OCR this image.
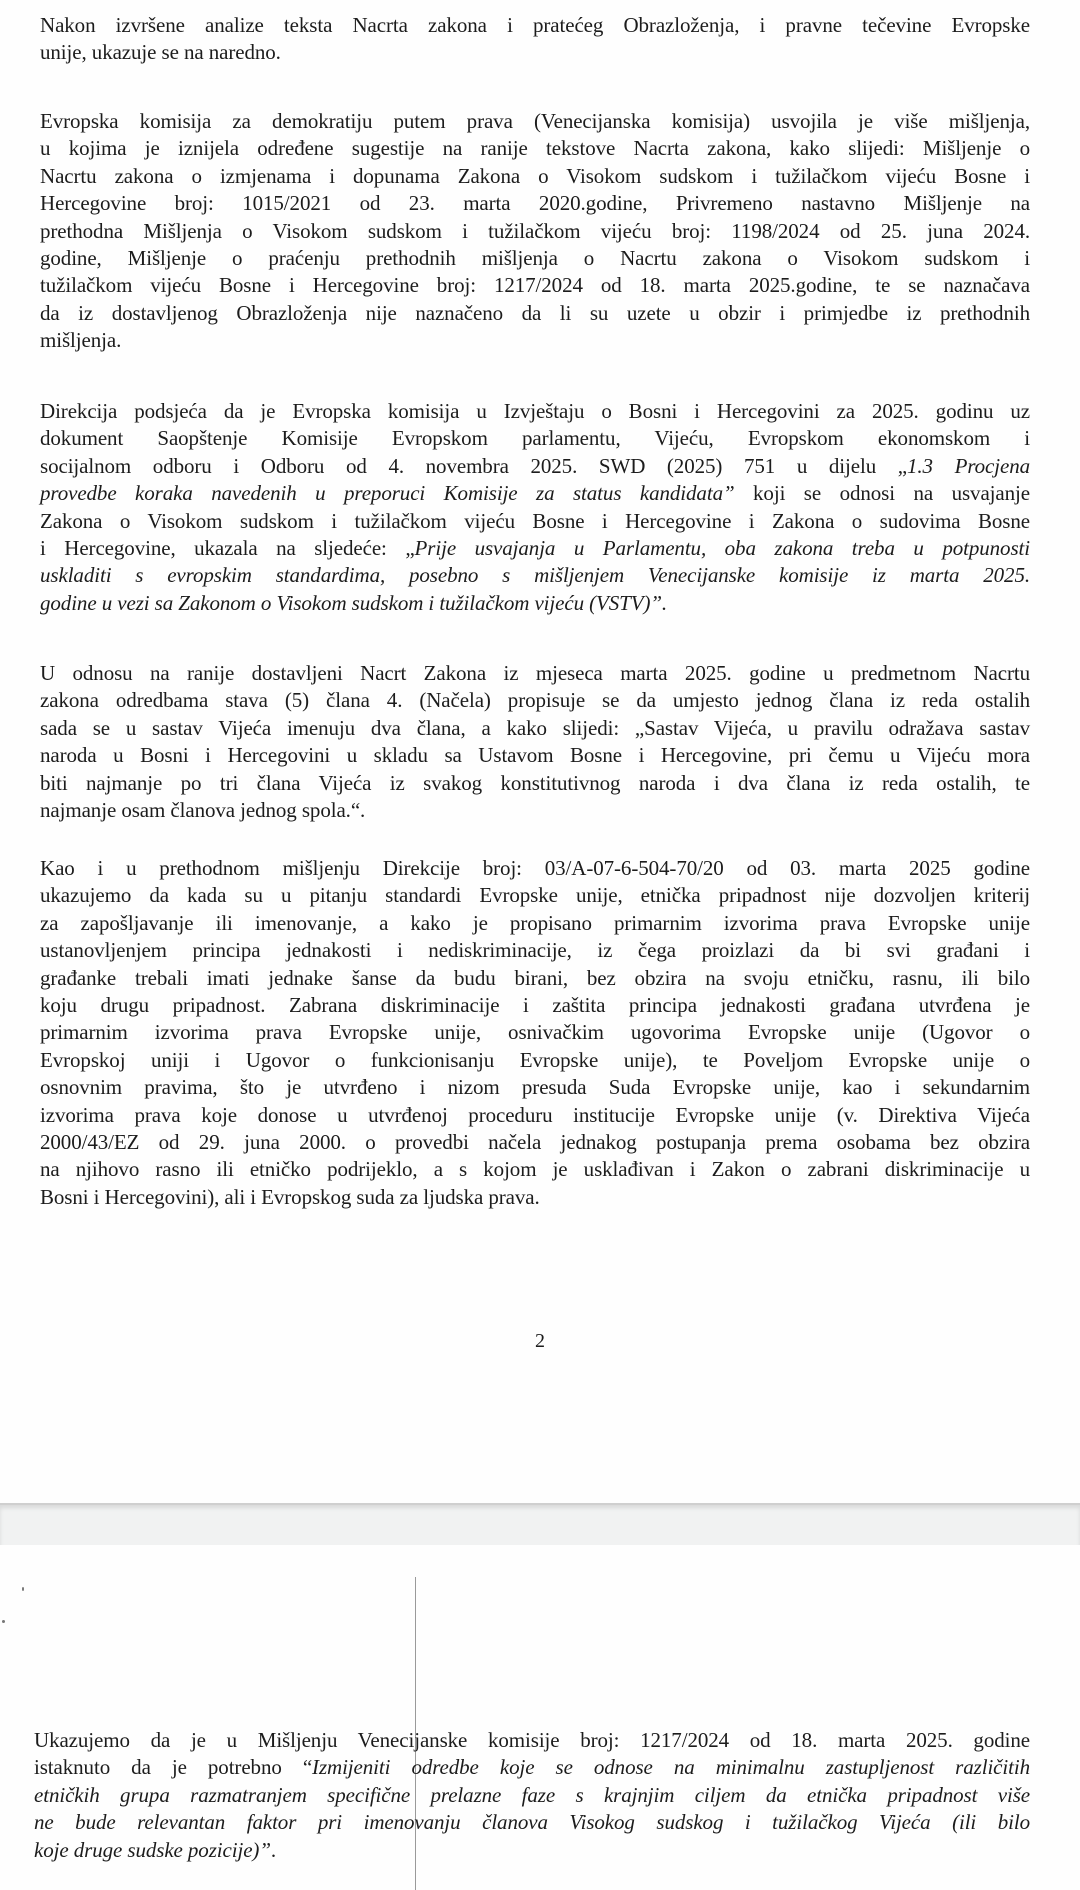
Nakon izvršene analize teksta Nacrta zakona i pratećeg Obrazloženja, i pravne tečevine Evropske
unije, ukazuje se na naredno.

Evropska komisija za demokratiju putem prava (Venecijanska komisija) usvojila je više mišljenja,
u kojima je iznijela određene sugestije na ranije tekstove Nacrta zakona, kako slijedi: Mišljenje o
Nacrtu zakona o izmjenama i dopunama Zakona o Visokom sudskom i tužilačkom vijeću Bosne i
Hercegovine broj: 1015/2021 od 23. marta 2020.godine, Privremeno nastavno Mišljenje na
prethodna Mišljenja o Visokom sudskom i tužilačkom vijeću broj: 1198/2024 od 25. juna 2024.
godine, Mišljenje o praćenju prethodnih mišljenja o Nacrtu zakona o Visokom sudskom i
tužilačkom vijeću Bosne i Hercegovine broj: 1217/2024 od 18. marta 2025.godine, te se naznačava
da iz dostavljenog Obrazloženja nije naznačeno da li su uzete u obzir i primjedbe iz prethodnih
mišljenja.

Direkcija podsjeća da je Evropska komisija u Izvještaju o Bosni i Hercegovini za 2025. godinu uz
dokument Saopštenje Komisije Evropskom parlamentu, Vijeću, Evropskom ekonomskom i
socijalnom odboru i Odboru od 4. novembra 2025. SWD (2025) 751 u dijelu „1.3 Procjena
provedbe koraka navedenih u preporuci Komisije za status kandidata” koji se odnosi na usvajanje
Zakona o Visokom sudskom i tužilačkom vijeću Bosne i Hercegovine i Zakona o sudovima Bosne
i Hercegovine, ukazala na sljedeće: „Prije usvajanja u Parlamentu, oba zakona treba u potpunosti
uskladiti s evropskim standardima, posebno s mišljenjem Venecijanske komisije iz marta 2025.
godine u vezi sa Zakonom o Visokom sudskom i tužilačkom vijeću (VSTV)”.

U odnosu na ranije dostavljeni Nacrt Zakona iz mjeseca marta 2025. godine u predmetnom Nacrtu
zakona odredbama stava (5) člana 4. (Načela) propisuje se da umjesto jednog člana iz reda ostalih
sada se u sastav Vijeća imenuju dva člana, a kako slijedi: „Sastav Vijeća, u pravilu odražava sastav
naroda u Bosni i Hercegovini u skladu sa Ustavom Bosne i Hercegovine, pri čemu u Vijeću mora
biti najmanje po tri člana Vijeća iz svakog konstitutivnog naroda i dva člana iz reda ostalih, te
najmanje osam članova jednog spola.“.

Kao i u prethodnom mišljenju Direkcije broj: 03/A-07-6-504-70/20 od 03. marta 2025 godine
ukazujemo da kada su u pitanju standardi Evropske unije, etnička pripadnost nije dozvoljen kriterij
za zapošljavanje ili imenovanje, a kako je propisano primarnim izvorima prava Evropske unije
ustanovljenjem principa jednakosti i nediskriminacije, iz čega proizlazi da bi svi građani i
građanke trebali imati jednake šanse da budu birani, bez obzira na svoju etničku, rasnu, ili bilo
koju drugu pripadnost. Zabrana diskriminacije i zaštita principa jednakosti građana utvrđena je
primarnim izvorima prava Evropske unije, osnivačkim ugovorima Evropske unije (Ugovor o
Evropskoj uniji i Ugovor o funkcionisanju Evropske unije), te Poveljom Evropske unije o
osnovnim pravima, što je utvrđeno i nizom presuda Suda Evropske unije, kao i sekundarnim
izvorima prava koje donose u utvrđenoj proceduru institucije Evropske unije (v. Direktiva Vijeća
2000/43/EZ od 29. juna 2000. o provedbi načela jednakog postupanja prema osobama bez obzira
na njihovo rasno ili etničko podrijeklo, a s kojom je usklađivan i Zakon o zabrani diskriminacije u
Bosni i Hercegovini), ali i Evropskog suda za ljudska prava.

2

Ukazujemo da je u Mišljenju Venecijanske komisije broj: 1217/2024 od 18. marta 2025. godine
istaknuto da je potrebno “Izmijeniti odredbe koje se odnose na minimalnu zastupljenost različitih
etničkih grupa razmatranjem specifične prelazne faze s krajnjim ciljem da etnička pripadnost više
ne bude relevantan faktor pri imenovanju članova Visokog sudskog i tužilačkog Vijeća (ili bilo
koje druge sudske pozicije)”.
